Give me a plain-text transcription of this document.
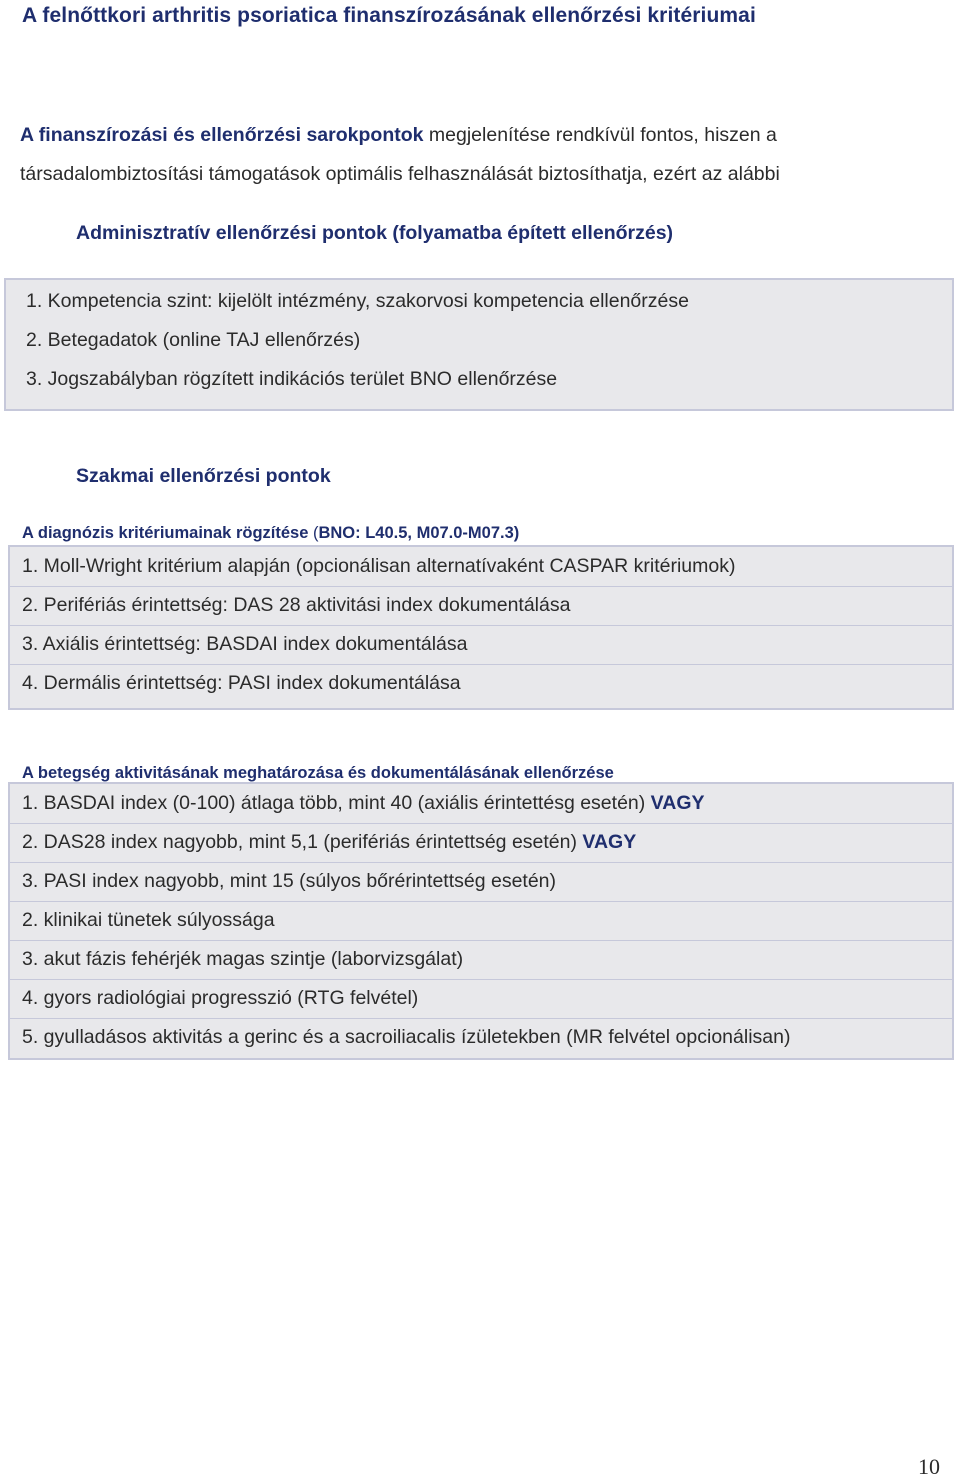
A felnőttkori arthritis psoriatica finanszírozásának ellenőrzési kritériumai
A finanszírozási és ellenőrzési sarokpontok megjelenítése rendkívül fontos, hiszen a
társadalombiztosítási támogatások optimális felhasználását biztosíthatja, ezért az alábbi
Adminisztratív ellenőrzési pontok (folyamatba épített ellenőrzés)
1. Kompetencia szint: kijelölt intézmény, szakorvosi kompetencia ellenőrzése
2. Betegadatok (online TAJ ellenőrzés)
3. Jogszabályban rögzített indikációs terület BNO ellenőrzése
Szakmai ellenőrzési pontok
A diagnózis kritériumainak rögzítése (BNO: L40.5, M07.0-M07.3)
1. Moll-Wright kritérium alapján (opcionálisan alternatívaként CASPAR kritériumok)
2. Perifériás érintettség: DAS 28 aktivitási index dokumentálása
3. Axiális érintettség: BASDAI index dokumentálása
4. Dermális érintettség: PASI index dokumentálása
A betegség aktivitásának meghatározása és dokumentálásának ellenőrzése
1. BASDAI index (0-100) átlaga több, mint 40 (axiális érintettésg esetén) VAGY
2. DAS28 index nagyobb, mint 5,1 (perifériás érintettség esetén) VAGY
3. PASI index nagyobb, mint 15 (súlyos bőrérintettség esetén)
2. klinikai tünetek súlyossága
3. akut fázis fehérjék magas szintje (laborvizsgálat)
4. gyors radiológiai progresszió (RTG felvétel)
5. gyulladásos aktivitás a gerinc és a sacroiliacalis ízületekben (MR felvétel opcionálisan)
10
